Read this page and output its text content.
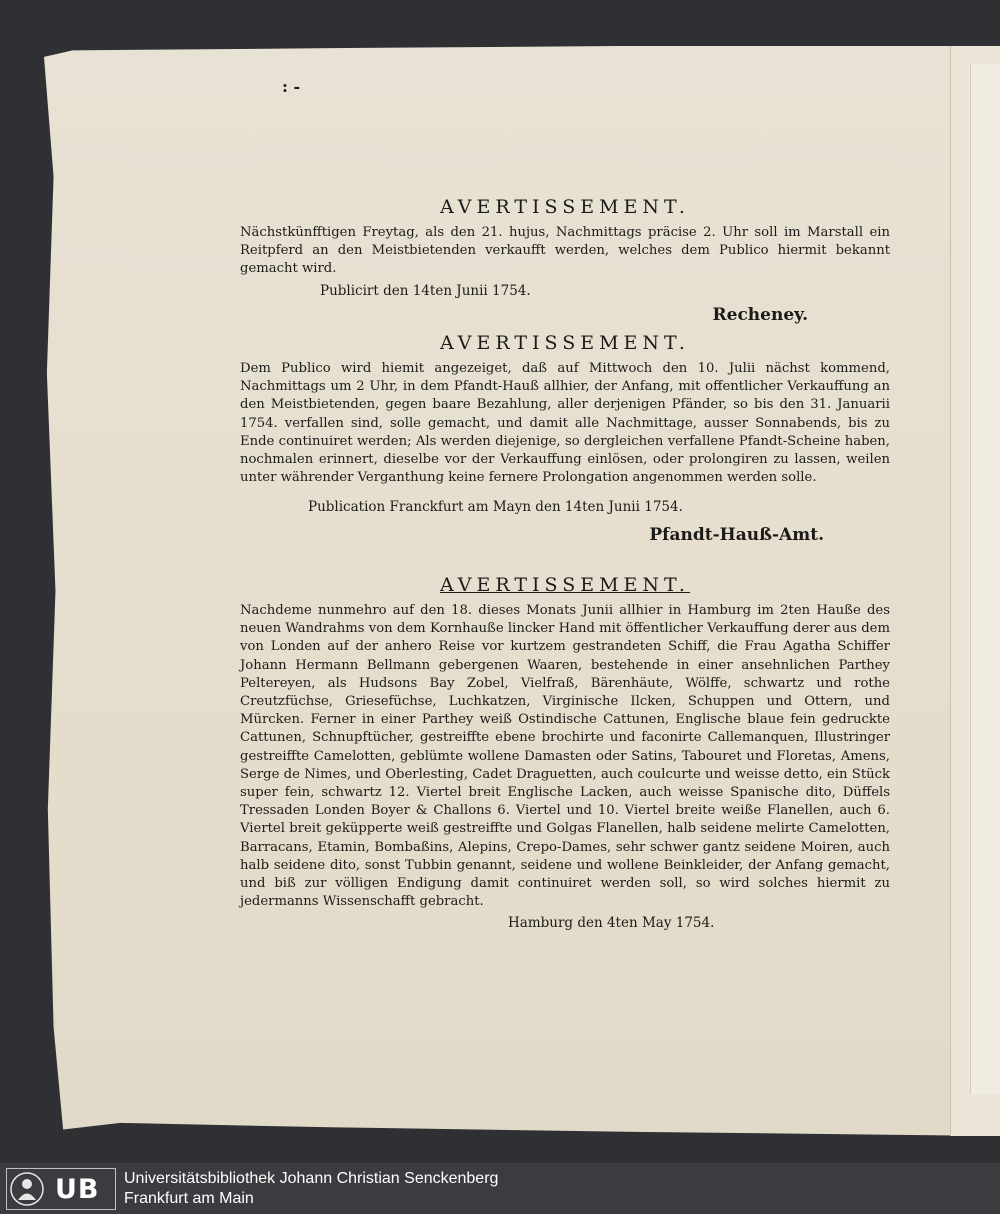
: -
AVERTISSEMENT.

Nächstkünfftigen Freytag, als den 21. hujus, Nachmittags präcise 2. Uhr soll im Marstall ein Reitpferd an den Meistbietenden verkaufft werden, welches dem Publico hiermit bekannt gemacht wird.

Publicirt den 14ten Junii 1754.

Recheney.

AVERTISSEMENT.

Dem Publico wird hiemit angezeiget, daß auf Mittwoch den 10. Julii nächst kommend, Nachmittags um 2 Uhr, in dem Pfandt-Hauß allhier, der Anfang, mit offentlicher Verkauffung an den Meistbietenden, gegen baare Bezahlung, aller derjenigen Pfänder, so bis den 31. Januarii 1754. verfallen sind, solle gemacht, und damit alle Nachmittage, ausser Sonnabends, bis zu Ende continuiret werden; Als werden diejenige, so dergleichen verfallene Pfandt-Scheine haben, nochmalen erinnert, dieselbe vor der Verkauffung einlösen, oder prolongiren zu lassen, weilen unter währender Verganthung keine fernere Prolongation angenommen werden solle.

Publication Franckfurt am Mayn den 14ten Junii 1754.

Pfandt-Hauß-Amt.

AVERTISSEMENT.

Nachdeme nunmehro auf den 18. dieses Monats Junii allhier in Hamburg im 2ten Hauße des neuen Wandrahms von dem Kornhauße lincker Hand mit öffentlicher Verkauffung derer aus dem von Londen auf der anhero Reise vor kurtzem gestrandeten Schiff, die Frau Agatha Schiffer Johann Hermann Bellmann gebergenen Waaren, bestehende in einer ansehnlichen Parthey Peltereyen, als Hudsons Bay Zobel, Vielfraß, Bärenhäute, Wölffe, schwartz und rothe Creutzfüchse, Griesefüchse, Luchkatzen, Virginische Ilcken, Schuppen und Ottern, und Mürcken. Ferner in einer Parthey weiß Ostindische Cattunen, Englische blaue fein gedruckte Cattunen, Schnupftücher, gestreiffte ebene brochirte und faconirte Callemanquen, Illustringer gestreiffte Camelotten, geblümte wollene Damasten oder Satins, Tabouret und Floretas, Amens, Serge de Nimes, und Oberlesting, Cadet Draguetten, auch coulcurte und weisse detto, ein Stück super fein, schwartz 12. Viertel breit Englische Lacken, auch weisse Spanische dito, Düffels Tressaden Londen Boyer & Challons 6. Viertel und 10. Viertel breite weiße Flanellen, auch 6. Viertel breit geküpperte weiß gestreiffte und Golgas Flanellen, halb seidene melirte Camelotten, Barracans, Etamin, Bombaßins, Alepins, Crepo-Dames, sehr schwer gantz seidene Moiren, auch halb seidene dito, sonst Tubbin genannt, seidene und wollene Beinkleider, der Anfang gemacht, und biß zur völligen Endigung damit continuiret werden soll, so wird solches hiermit zu jedermanns Wissenschafft gebracht.

Hamburg den 4ten May 1754.

UB Universitätsbibliothek Johann Christian Senckenberg
Frankfurt am Main
